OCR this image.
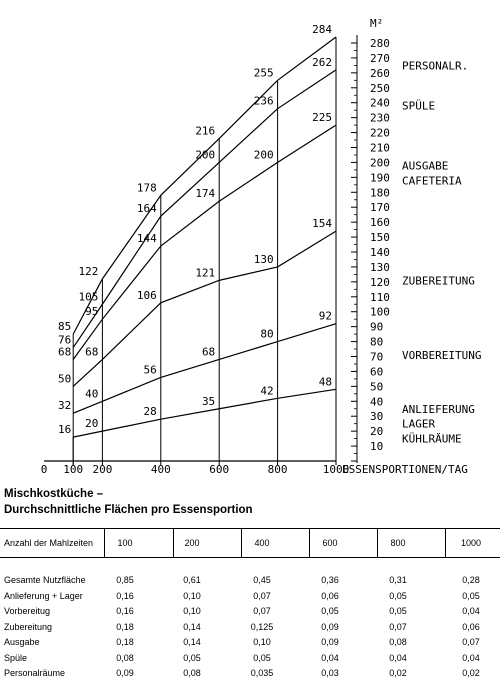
0 100 200	400	600	800	1000
ESSENSPORTIONEN/TAG
16 20
28
35
42
48
32
40
56
68
80
92
50
68
106
121
130
154
68
95
144
174
200
225
76
105
164
200
236
262
85
122
178
216
255
284
10
20
30
40
50
60
70
80
90
100
110
120
130
140
150
160
170
180
190
200
210
220
230
240
250
260
270
280
M²
PERSONALR.
SPÜLE
AUSGABE
CAFETERIA
ZUBEREITUNG
VORBEREITUNG
ANLIEFERUNG
LAGER
KÜHLRÄUME
Mischkostküche –
Durchschnittliche Flächen pro Essensportion
Anzahl der Mahlzeiten	100	200	400	600	800	1000
Gesamte Nutzfläche	0,85	0,61	0,45	0,36	0,31	0,28
Anlieferung + Lager	0,16	0,10	0,07	0,06	0,05	0,05
Vorbereitug	0,16	0,10	0,07	0,05	0,05	0,04
Zubereitung	0,18	0,14	0,125	0,09	0,07	0,06
Ausgabe	0,18	0,14	0,10	0,09	0,08	0,07
Spüle	0,08	0,05	0,05	0,04	0,04	0,04
Personalräume	0,09	0,08	0,035	0,03	0,02	0,02
